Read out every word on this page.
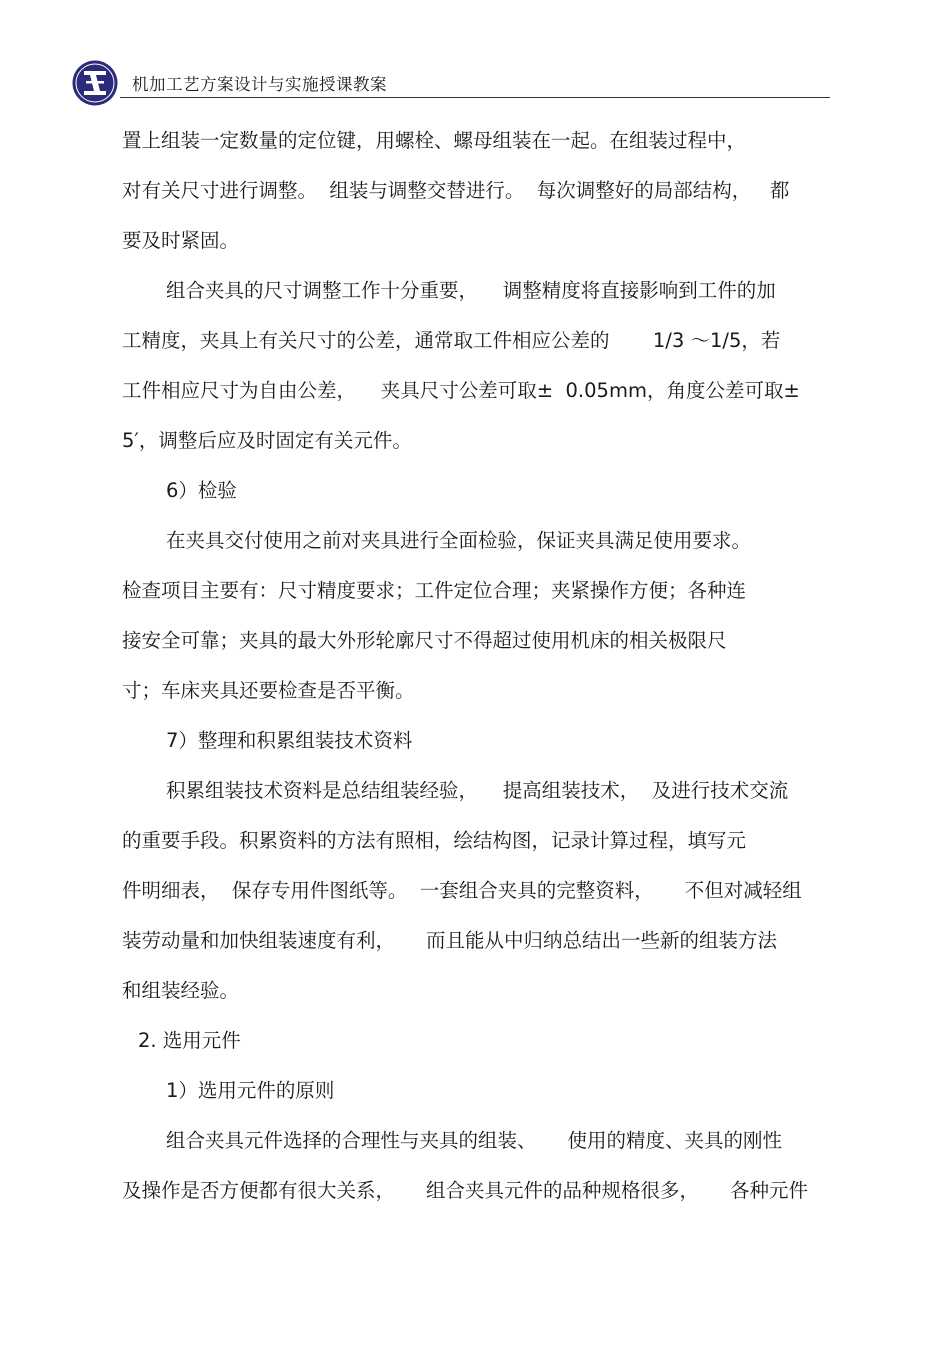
机加工艺方案设计与实施授课教案
置上组装一定数量的定位键，用螺栓、螺母组装在一起。在组装过程中，
对有关尺寸进行调整。  组装与调整交替进行。  每次调整好的局部结构，   都
要及时紧固。
组合夹具的尺寸调整工作十分重要，    调整精度将直接影响到工件的加
工精度，夹具上有关尺寸的公差，通常取工件相应公差的       1/3 ～1/5，若
工件相应尺寸为自由公差，    夹具尺寸公差可取±  0.05mm，角度公差可取±
5′，调整后应及时固定有关元件。
6）检验
在夹具交付使用之前对夹具进行全面检验，保证夹具满足使用要求。
检查项目主要有：尺寸精度要求；工件定位合理；夹紧操作方便；各种连
接安全可靠；夹具的最大外形轮廓尺寸不得超过使用机床的相关极限尺
寸；车床夹具还要检查是否平衡。
7）整理和积累组装技术资料
积累组装技术资料是总结组装经验，    提高组装技术，  及进行技术交流
的重要手段。积累资料的方法有照相，绘结构图，记录计算过程，填写元
件明细表，  保存专用件图纸等。  一套组合夹具的完整资料，     不但对减轻组
装劳动量和加快组装速度有利，     而且能从中归纳总结出一些新的组装方法
和组装经验。
2. 选用元件
1）选用元件的原则
组合夹具元件选择的合理性与夹具的组装、     使用的精度、夹具的刚性
及操作是否方便都有很大关系，     组合夹具元件的品种规格很多，     各种元件
